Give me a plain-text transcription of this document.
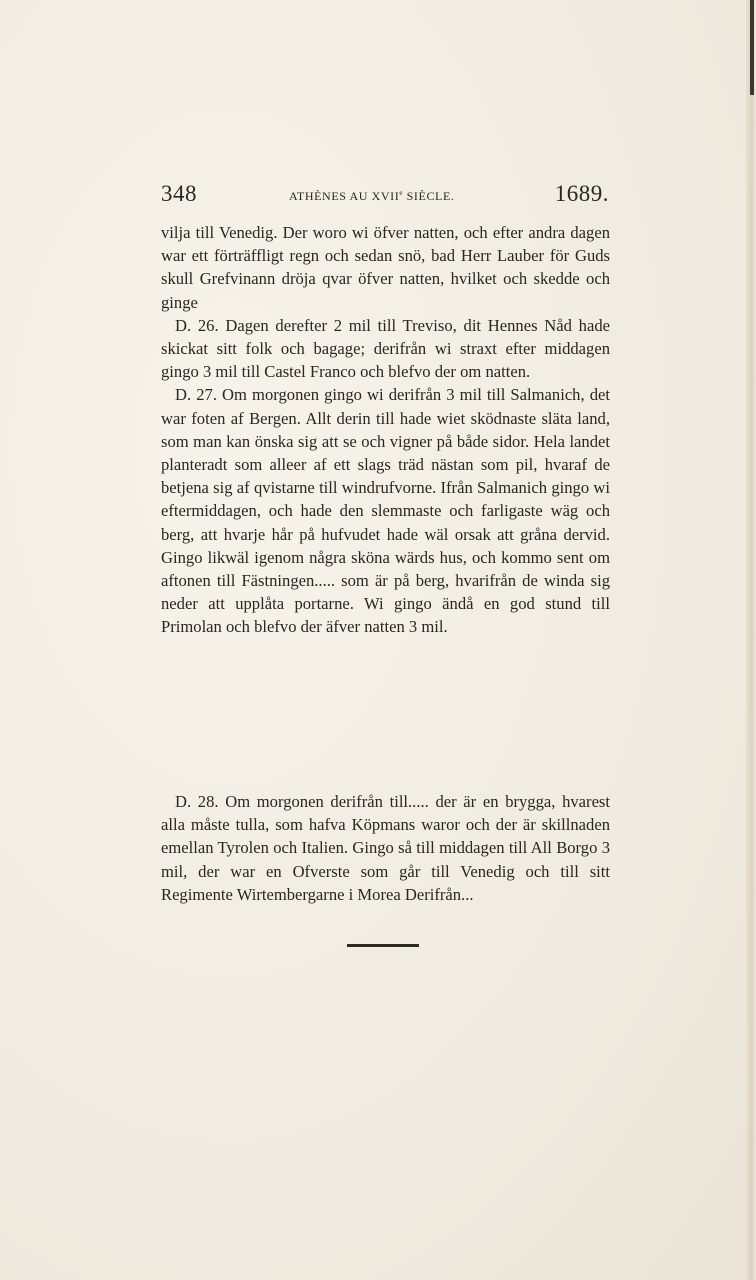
348	ATHÈNES AU XVIIe SIÈCLE.	1689.

vilja till Venedig. Der woro wi öfver natten, och efter andra dagen war ett förträffligt regn och sedan snö, bad Herr Lauber för Guds skull Grefvinann dröja qvar öfver natten, hvilket och skedde och ginge

D. 26. Dagen derefter 2 mil till Treviso, dit Hennes Nåd hade skickat sitt folk och bagage; derifrån wi straxt efter middagen gingo 3 mil till Castel Franco och blefvo der om natten.

D. 27. Om morgonen gingo wi derifrån 3 mil till Salmanich, det war foten af Bergen. Allt derin till hade wiet sködnaste släta land, som man kan önska sig att se och vigner på både sidor. Hela landet planteradt som alleer af ett slags träd nästan som pil, hvaraf de betjena sig af qvistarne till windrufvorne. Ifrån Salmanich gingo wi eftermiddagen, och hade den slemmaste och farligaste wäg och berg, att hvarje hår på hufvudet hade wäl orsak att gråna dervid. Gingo likwäl igenom några sköna wärds hus, och kommo sent om aftonen till Fästningen..... som är på berg, hvarifrån de winda sig neder att upplåta portarne. Wi gingo ändå en god stund till Primolan och blefvo der äfver natten 3 mil.

D. 28. Om morgonen derifrån till..... der är en brygga, hvarest alla måste tulla, som hafva Köpmans waror och der är skillnaden emellan Tyrolen och Italien. Gingo så till middagen till All Borgo 3 mil, der war en Ofverste som går till Venedig och till sitt Regimente Wirtembergarne i Morea Derifrån...
